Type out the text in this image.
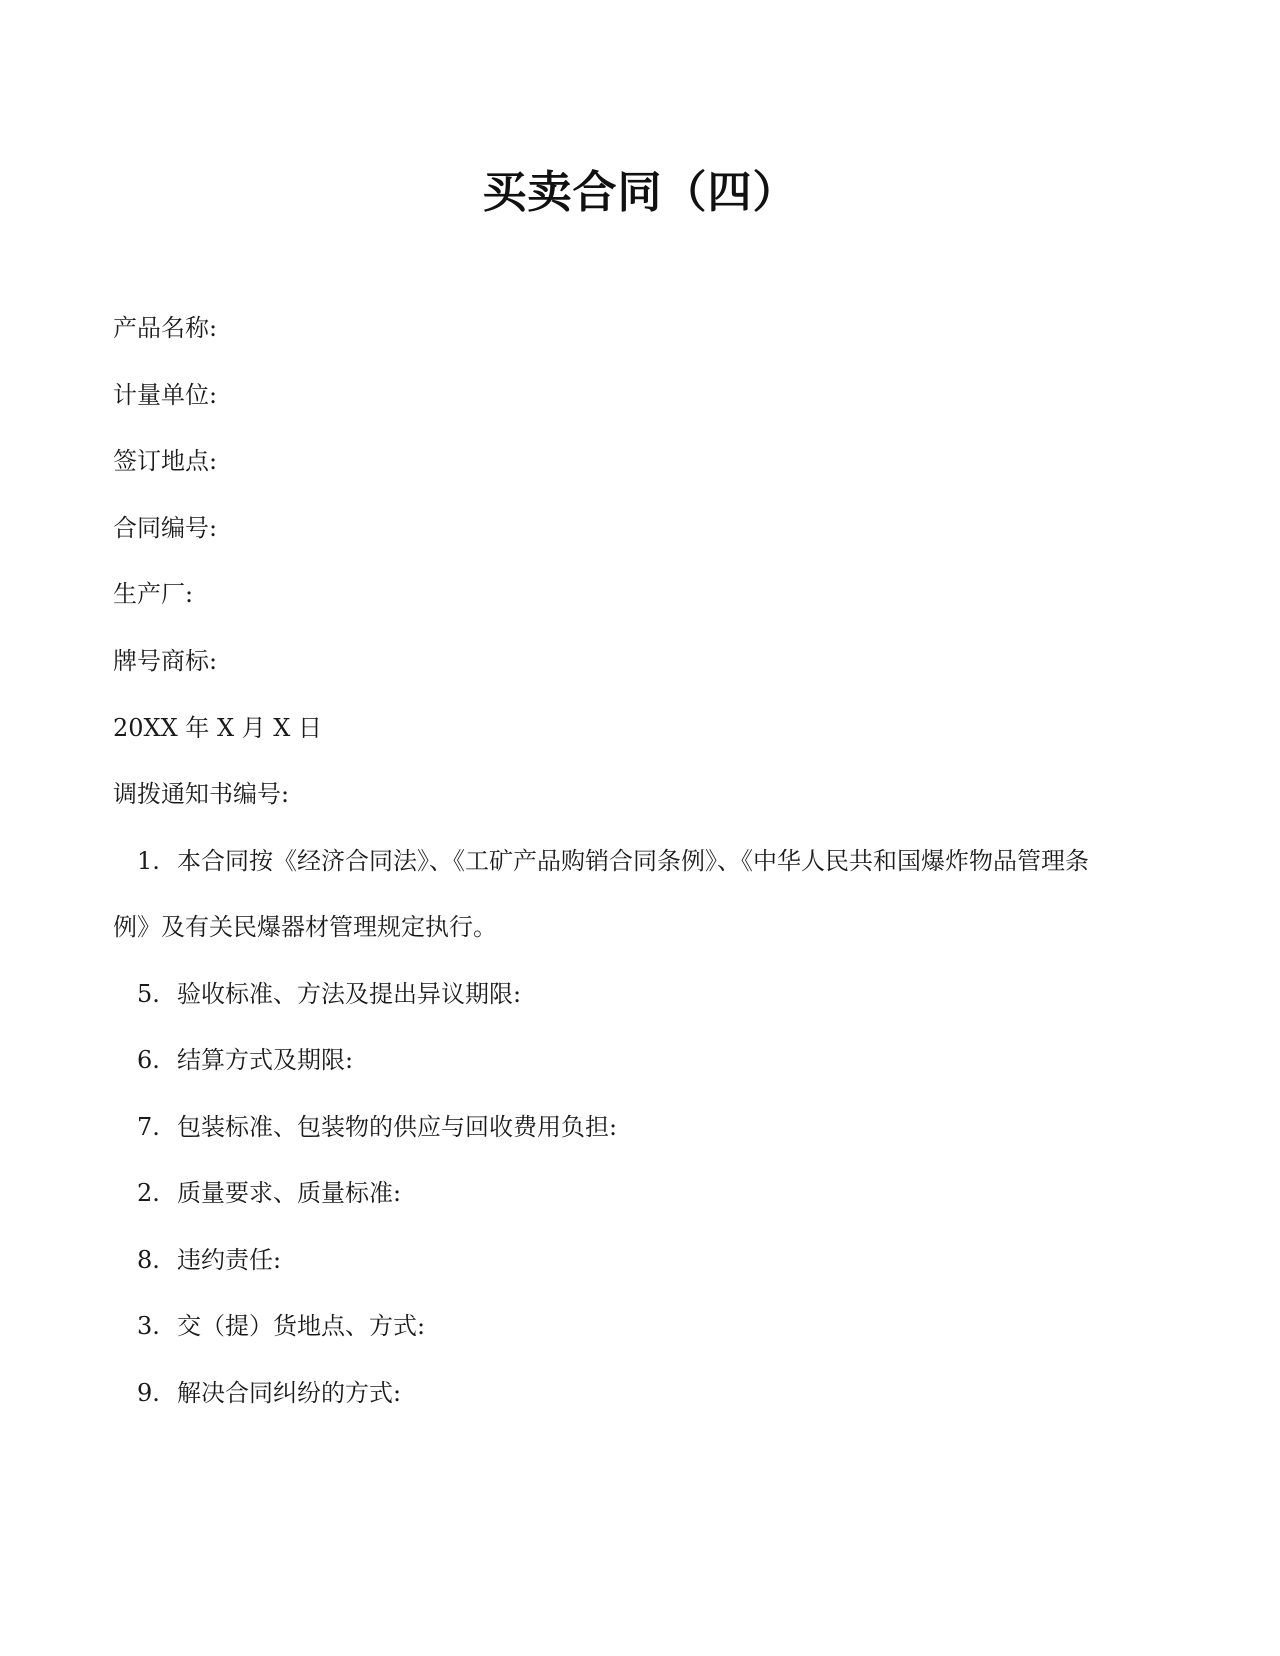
买卖合同（四）
产品名称:
计量单位:
签订地点:
合同编号:
生产厂:
牌号商标:
20XX 年 X 月 X 日
调拨通知书编号:
1. 本合同按《经济合同法》、《工矿产品购销合同条例》、《中华人民共和国爆炸物品管理条
例》及有关民爆器材管理规定执行。
5. 验收标准、方法及提出异议期限:
6. 结算方式及期限:
7. 包装标准、包装物的供应与回收费用负担:
2. 质量要求、质量标准:
8. 违约责任:
3. 交（提）货地点、方式:
9. 解决合同纠纷的方式:
